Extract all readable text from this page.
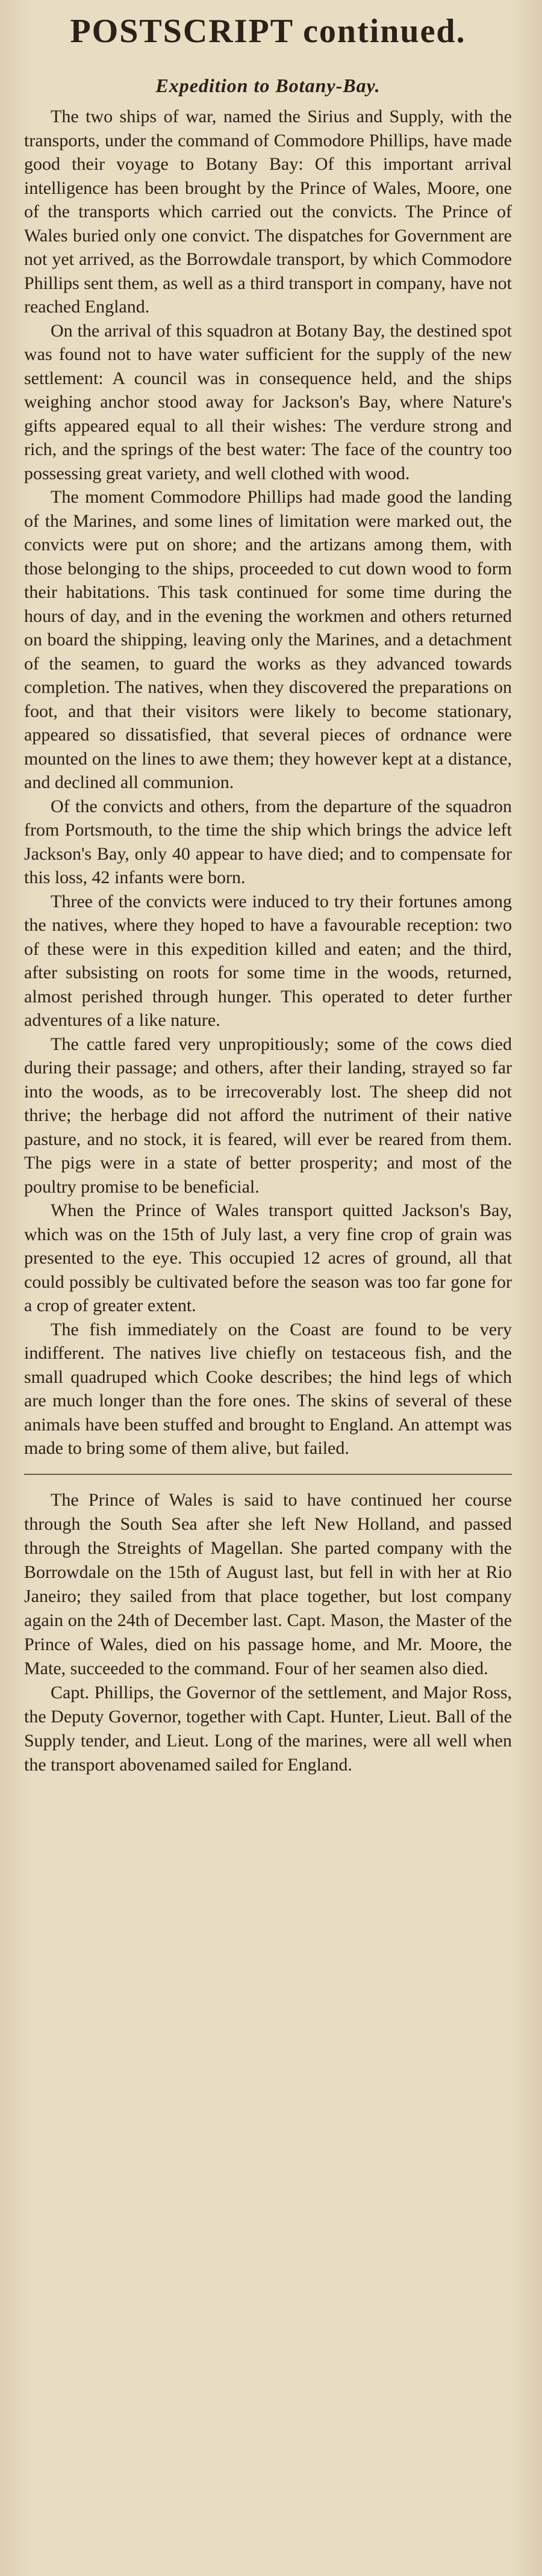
POSTSCRIPT continued.
Expedition to Botany-Bay.

The two ships of war, named the Sirius and Supply, with the transports, under the command of Commodore Phillips, have made good their voyage to Botany Bay: Of this important arrival intelligence has been brought by the Prince of Wales, Moore, one of the transports which carried out the convicts. The Prince of Wales buried only one convict. The dispatches for Government are not yet arrived, as the Borrowdale transport, by which Commodore Phillips sent them, as well as a third transport in company, have not reached England.

On the arrival of this squadron at Botany Bay, the destined spot was found not to have water sufficient for the supply of the new settlement: A council was in consequence held, and the ships weighing anchor stood away for Jackson's Bay, where Nature's gifts appeared equal to all their wishes: The verdure strong and rich, and the springs of the best water: The face of the country too possessing great variety, and well clothed with wood.

The moment Commodore Phillips had made good the landing of the Marines, and some lines of limitation were marked out, the convicts were put on shore; and the artizans among them, with those belonging to the ships, proceeded to cut down wood to form their habitations. This task continued for some time during the hours of day, and in the evening the workmen and others returned on board the shipping, leaving only the Marines, and a detachment of the seamen, to guard the works as they advanced towards completion. The natives, when they discovered the preparations on foot, and that their visitors were likely to become stationary, appeared so dissatisfied, that several pieces of ordnance were mounted on the lines to awe them; they however kept at a distance, and declined all communion.

Of the convicts and others, from the departure of the squadron from Portsmouth, to the time the ship which brings the advice left Jackson's Bay, only 40 appear to have died; and to compensate for this loss, 42 infants were born.

Three of the convicts were induced to try their fortunes among the natives, where they hoped to have a favourable reception: two of these were in this expedition killed and eaten; and the third, after subsisting on roots for some time in the woods, returned, almost perished through hunger. This operated to deter further adventures of a like nature.

The cattle fared very unpropitiously; some of the cows died during their passage; and others, after their landing, strayed so far into the woods, as to be irrecoverably lost. The sheep did not thrive; the herbage did not afford the nutriment of their native pasture, and no stock, it is feared, will ever be reared from them. The pigs were in a state of better prosperity; and most of the poultry promise to be beneficial.

When the Prince of Wales transport quitted Jackson's Bay, which was on the 15th of July last, a very fine crop of grain was presented to the eye. This occupied 12 acres of ground, all that could possibly be cultivated before the season was too far gone for a crop of greater extent.

The fish immediately on the Coast are found to be very indifferent. The natives live chiefly on testaceous fish, and the small quadruped which Cooke describes; the hind legs of which are much longer than the fore ones. The skins of several of these animals have been stuffed and brought to England. An attempt was made to bring some of them alive, but failed.

The Prince of Wales is said to have continued her course through the South Sea after she left New Holland, and passed through the Streights of Magellan. She parted company with the Borrowdale on the 15th of August last, but fell in with her at Rio Janeiro; they sailed from that place together, but lost company again on the 24th of December last. Capt. Mason, the Master of the Prince of Wales, died on his passage home, and Mr. Moore, the Mate, succeeded to the command. Four of her seamen also died.

Capt. Phillips, the Governor of the settlement, and Major Ross, the Deputy Governor, together with Capt. Hunter, Lieut. Ball of the Supply tender, and Lieut. Long of the marines, were all well when the transport abovenamed sailed for England.
